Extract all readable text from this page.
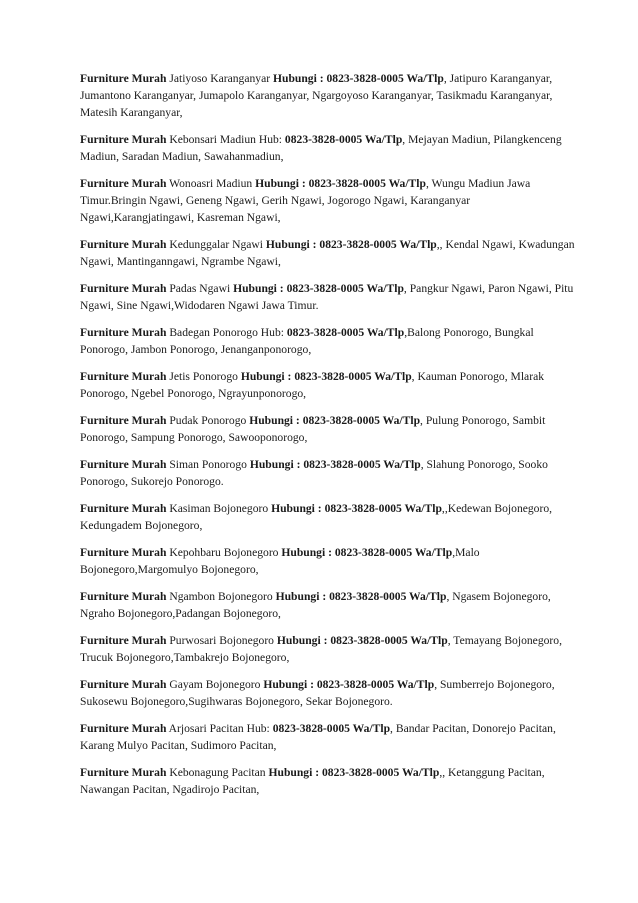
Furniture Murah Jatiyoso Karanganyar Hubungi : 0823-3828-0005 Wa/Tlp, Jatipuro Karanganyar, Jumantono Karanganyar, Jumapolo Karanganyar, Ngargoyoso Karanganyar, Tasikmadu Karanganyar, Matesih Karanganyar,

Furniture Murah Kebonsari Madiun Hub: 0823-3828-0005 Wa/Tlp, Mejayan Madiun, Pilangkenceng Madiun, Saradan Madiun, Sawahanmadiun,

Furniture Murah Wonoasri Madiun Hubungi : 0823-3828-0005 Wa/Tlp, Wungu Madiun Jawa Timur.Bringin Ngawi, Geneng Ngawi, Gerih Ngawi, Jogorogo Ngawi, Karanganyar Ngawi,Karangjatingawi, Kasreman Ngawi,

Furniture Murah Kedunggalar Ngawi Hubungi : 0823-3828-0005 Wa/Tlp,, Kendal Ngawi, Kwadungan Ngawi, Mantinganngawi, Ngrambe Ngawi,

Furniture Murah Padas Ngawi Hubungi : 0823-3828-0005 Wa/Tlp, Pangkur Ngawi, Paron Ngawi, Pitu Ngawi, Sine Ngawi,Widodaren Ngawi Jawa Timur.

Furniture Murah Badegan Ponorogo Hub: 0823-3828-0005 Wa/Tlp,Balong Ponorogo, Bungkal Ponorogo, Jambon Ponorogo, Jenanganponorogo,

Furniture Murah Jetis Ponorogo Hubungi : 0823-3828-0005 Wa/Tlp, Kauman Ponorogo, Mlarak Ponorogo, Ngebel Ponorogo, Ngrayunponorogo,

Furniture Murah Pudak Ponorogo Hubungi : 0823-3828-0005 Wa/Tlp, Pulung Ponorogo, Sambit Ponorogo, Sampung Ponorogo, Sawooponorogo,

Furniture Murah Siman Ponorogo Hubungi : 0823-3828-0005 Wa/Tlp, Slahung Ponorogo, Sooko Ponorogo, Sukorejo Ponorogo.

Furniture Murah Kasiman Bojonegoro Hubungi : 0823-3828-0005 Wa/Tlp,,Kedewan Bojonegoro, Kedungadem Bojonegoro,

Furniture Murah Kepohbaru Bojonegoro Hubungi : 0823-3828-0005 Wa/Tlp,Malo Bojonegoro,Margomulyo Bojonegoro,

Furniture Murah Ngambon Bojonegoro Hubungi : 0823-3828-0005 Wa/Tlp, Ngasem Bojonegoro, Ngraho Bojonegoro,Padangan Bojonegoro,

Furniture Murah Purwosari Bojonegoro Hubungi : 0823-3828-0005 Wa/Tlp, Temayang Bojonegoro, Trucuk Bojonegoro,Tambakrejo Bojonegoro,

Furniture Murah Gayam Bojonegoro Hubungi : 0823-3828-0005 Wa/Tlp, Sumberrejo Bojonegoro, Sukosewu Bojonegoro,Sugihwaras Bojonegoro, Sekar Bojonegoro.

Furniture Murah Arjosari Pacitan Hub: 0823-3828-0005 Wa/Tlp, Bandar Pacitan, Donorejo Pacitan, Karang Mulyo Pacitan, Sudimoro Pacitan,

Furniture Murah Kebonagung Pacitan Hubungi : 0823-3828-0005 Wa/Tlp,, Ketanggung Pacitan, Nawangan Pacitan, Ngadirojo Pacitan,
